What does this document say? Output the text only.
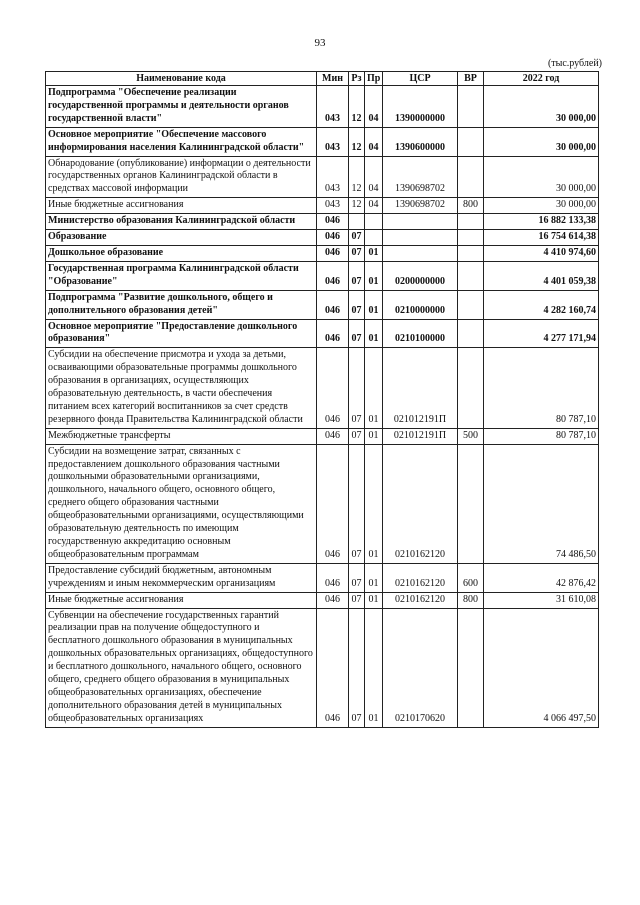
93
(тыс.рублей)
Наименование кода	Мин	Рз	Пр	ЦСР	ВР	2022 год
Подпрограмма "Обеспечение реализации государственной программы и деятельности органов государственной власти"	043	12	04	1390000000		30 000,00
Основное мероприятие "Обеспечение массового информирования населения Калининградской области"	043	12	04	1390600000		30 000,00
Обнародование (опубликование) информации о деятельности государственных органов Калининградской области в средствах массовой информации	043	12	04	1390698702		30 000,00
Иные бюджетные ассигнования	043	12	04	1390698702	800	30 000,00
Министерство образования Калининградской области	046					16 882 133,38
Образование	046	07				16 754 614,38
Дошкольное образование	046	07	01			4 410 974,60
Государственная программа Калининградской области "Образование"	046	07	01	0200000000		4 401 059,38
Подпрограмма "Развитие дошкольного, общего и дополнительного образования детей"	046	07	01	0210000000		4 282 160,74
Основное мероприятие "Предоставление дошкольного образования"	046	07	01	0210100000		4 277 171,94
Субсидии на обеспечение присмотра и ухода за детьми, осваивающими образовательные программы дошкольного образования в организациях, осуществляющих образовательную деятельность, в части обеспечения питанием всех категорий воспитанников за счет средств резервного фонда Правительства Калининградской области	046	07	01	021012191П		80 787,10
Межбюджетные трансферты	046	07	01	021012191П	500	80 787,10
Субсидии на возмещение затрат, связанных с предоставлением дошкольного образования частными дошкольными образовательными организациями, дошкольного, начального общего, основного общего, среднего общего образования частными общеобразовательными организациями, осуществляющими образовательную деятельность по имеющим государственную аккредитацию основным общеобразовательным программам	046	07	01	0210162120		74 486,50
Предоставление субсидий бюджетным, автономным учреждениям и иным некоммерческим организациям	046	07	01	0210162120	600	42 876,42
Иные бюджетные ассигнования	046	07	01	0210162120	800	31 610,08
Субвенции на обеспечение государственных гарантий реализации прав на получение общедоступного и бесплатного дошкольного образования в муниципальных дошкольных образовательных организациях, общедоступного и бесплатного дошкольного, начального общего, основного общего, среднего общего образования в муниципальных общеобразовательных организациях, обеспечение дополнительного образования детей в муниципальных общеобразовательных организациях	046	07	01	0210170620		4 066 497,50
